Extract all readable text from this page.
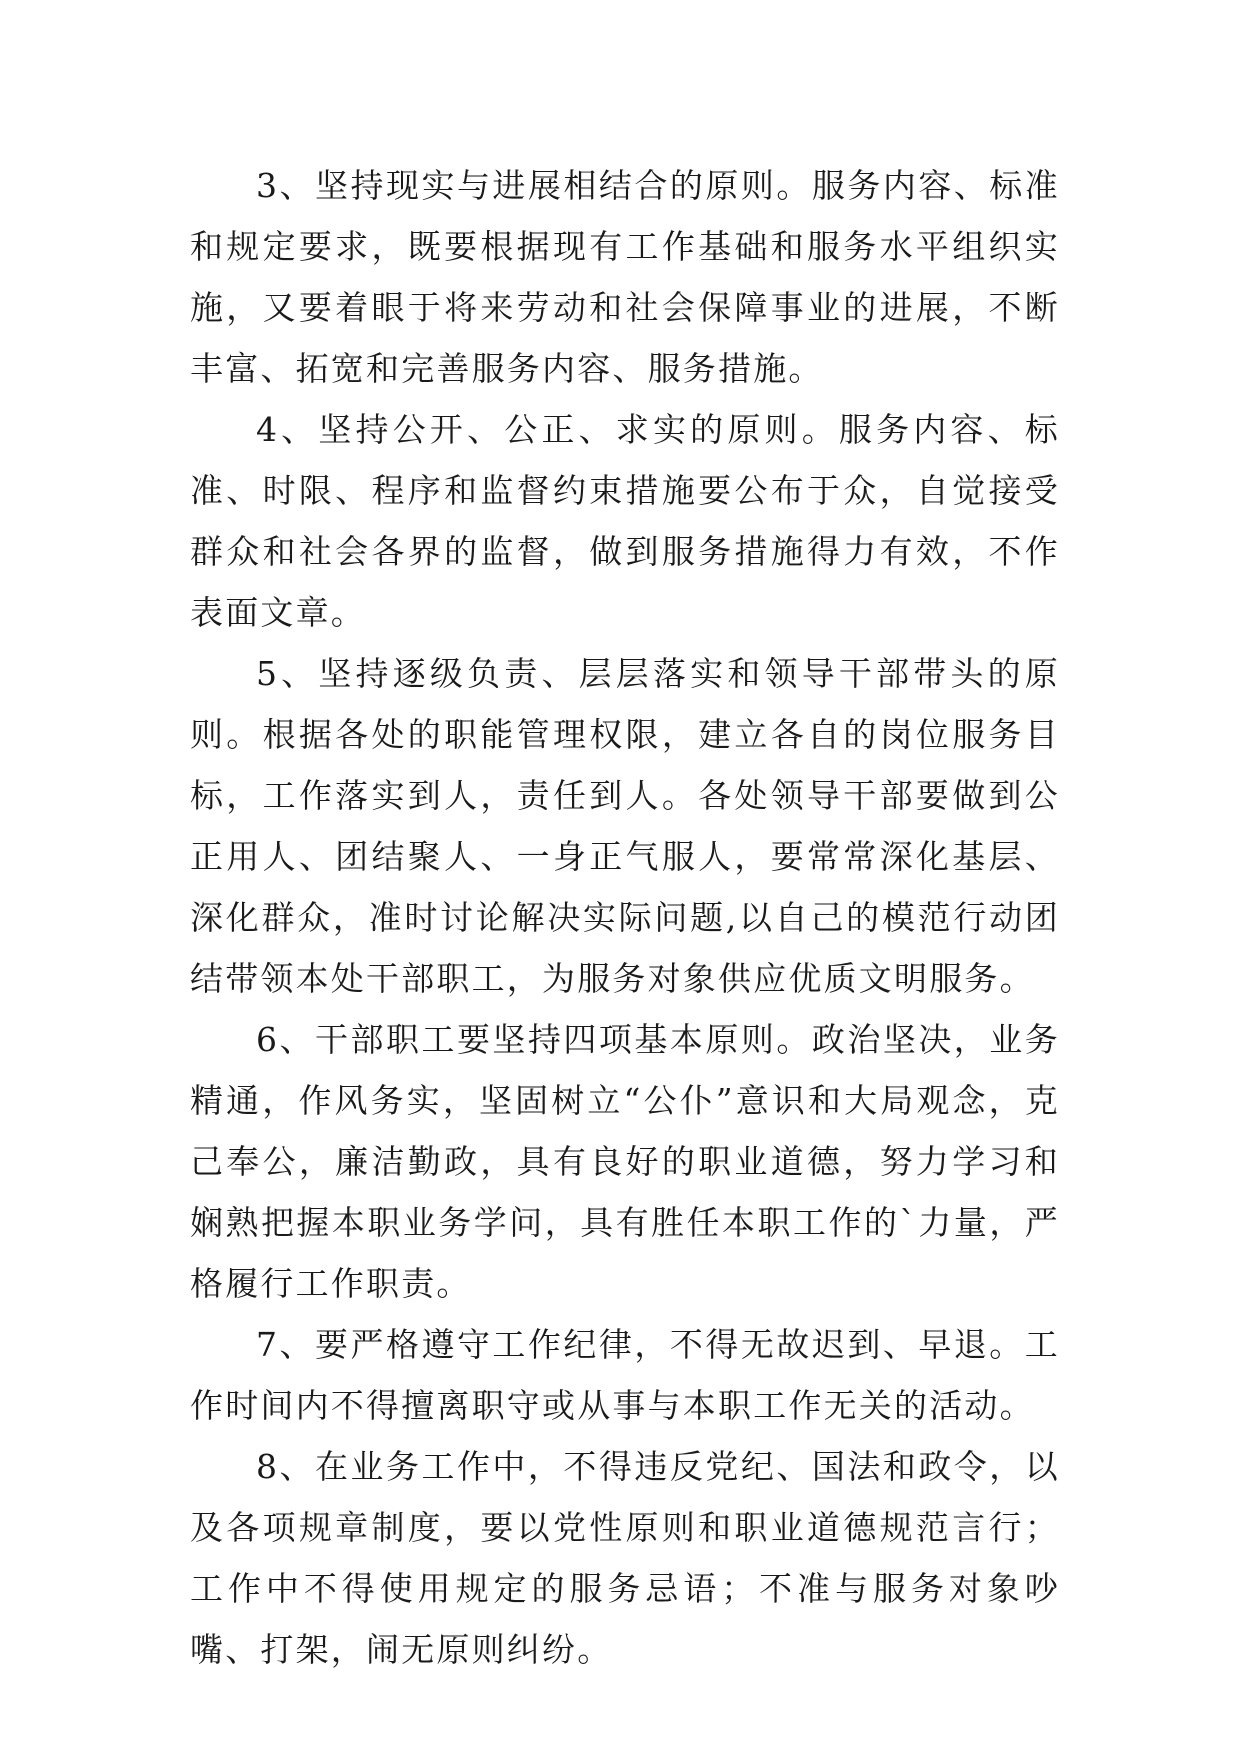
3、坚持现实与进展相结合的原则。服务内容、标准和规定要求，既要根据现有工作基础和服务水平组织实施，又要着眼于将来劳动和社会保障事业的进展，不断丰富、拓宽和完善服务内容、服务措施。

4、坚持公开、公正、求实的原则。服务内容、标准、时限、程序和监督约束措施要公布于众，自觉接受群众和社会各界的监督，做到服务措施得力有效，不作表面文章。

5、坚持逐级负责、层层落实和领导干部带头的原则。根据各处的职能管理权限，建立各自的岗位服务目标，工作落实到人，责任到人。各处领导干部要做到公正用人、团结聚人、一身正气服人，要常常深化基层、深化群众，准时讨论解决实际问题,以自己的模范行动团结带领本处干部职工，为服务对象供应优质文明服务。

6、干部职工要坚持四项基本原则。政治坚决，业务精通，作风务实，坚固树立“公仆”意识和大局观念，克己奉公，廉洁勤政，具有良好的职业道德，努力学习和娴熟把握本职业务学问，具有胜任本职工作的`力量，严格履行工作职责。

7、要严格遵守工作纪律，不得无故迟到、早退。工作时间内不得擅离职守或从事与本职工作无关的活动。

8、在业务工作中，不得违反党纪、国法和政令，以及各项规章制度，要以党性原则和职业道德规范言行；工作中不得使用规定的服务忌语；不准与服务对象吵嘴、打架，闹无原则纠纷。
